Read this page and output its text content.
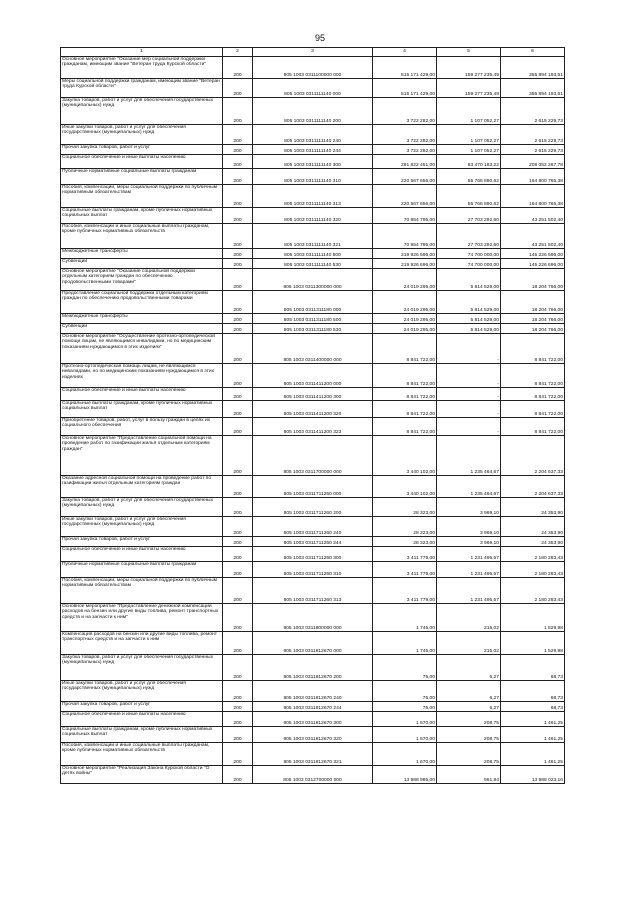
95
1	2	3	4	5	6
Основное мероприятие "Оказание мер социальной поддержки гражданам, имеющим звание "Ветеран труда Курской области"	200	805 1003 0311100000 000	515 171 429,00	159 277 235,49	355 894 193,51
Меры социальной поддержки гражданам, имеющим звание "Ветеран труда Курской области"	200	805 1003 0311111140 000	515 171 429,00	159 277 235,49	355 894 193,51
Закупка товаров, работ и услуг для обеспечения государственных (муниципальных) нужд	200	805 1003 0311111140 200	3 722 282,00	1 107 052,27	2 615 229,73
Иные закупки товаров, работ и услуг для обеспечения государственных (муниципальных) нужд	200	805 1003 0311111140 240	3 722 282,00	1 107 052,27	2 615 229,73
Прочая закупка товаров, работ и услуг	200	805 1003 0311111140 244	3 722 282,00	1 107 052,27	2 615 229,73
Социальное обеспечение и иные выплаты населению	200	805 1003 0311111140 300	291 822 451,00	83 470 183,22	208 052 267,78
Публичные нормативные социальные выплаты гражданам	200	805 1003 0311111140 310	220 567 656,00	55 766 890,62	164 800 765,38
Пособия, компенсации, меры социальной поддержки по публичным нормативным обязательствам	200	805 1003 0311111140 313	220 567 656,00	55 766 890,62	164 800 765,38
Социальные выплаты гражданам, кроме публичных нормативных социальных выплат	200	805 1003 0311111140 320	70 954 795,00	27 703 292,60	43 251 502,40
Пособия, компенсации и иные социальные выплаты гражданам, кроме публичных нормативных обязательств	200	805 1003 0311111140 321	70 954 795,00	27 703 292,60	43 251 502,40
Межбюджетные трансферты	200	805 1003 0311111140 500	219 926 696,00	74 700 000,00	145 226 696,00
Субвенции	200	805 1003 0311111140 530	219 926 696,00	74 700 000,00	145 226 696,00
Основное мероприятие "Оказание социальной поддержки отдельным категориям граждан по обеспечению продовольственными товарами"	200	805 1003 0311300000 000	24 019 295,00	5 814 529,00	18 204 766,00
Предоставление социальной поддержки отдельным категориям граждан по обеспечению продовольственными товарами	200	805 1003 0311311180 000	24 019 295,00	5 814 529,00	18 204 766,00
Межбюджетные трансферты	200	805 1003 0311311180 500	24 019 295,00	5 814 529,00	18 204 766,00
Субвенции	200	805 1003 0311311180 530	24 019 295,00	5 814 529,00	18 204 766,00
Основное мероприятие "Осуществление протезно-ортопедической помощи лицам, не являющимся инвалидами, но по медицинским показаниям нуждающимся в этих изделиях"	200	805 1003 0311400000 000	8 841 722,00	-	8 841 722,00
Протезно-ортопедическая помощь лицам, не являющимся инвалидами, но по медицинским показаниям нуждающимся в этих изделиях	200	805 1003 0311411200 000	8 841 722,00	-	8 841 722,00
Социальное обеспечение и иные выплаты населению	200	805 1003 0311411200 300	8 841 722,00	-	8 841 722,00
Социальные выплаты гражданам, кроме публичных нормативных социальных выплат	200	805 1003 0311411200 320	8 841 722,00	-	8 841 722,00
Приобретение товаров, работ, услуг в пользу граждан в целях их социального обеспечения	200	805 1003 0311411200 323	8 841 722,00	-	8 841 722,00
Основное мероприятие "Предоставление социальной помощи на проведение работ по газификации жилья отдельным категориям граждан"	200	805 1003 0311700000 000	3 440 102,00	1 235 464,67	2 204 637,33
Оказание адресной социальной помощи на проведение работ по газификации жилья отдельным категориям граждан	200	805 1003 0311711260 000	3 440 102,00	1 235 464,67	2 204 637,33
Закупка товаров, работ и услуг для обеспечения государственных (муниципальных) нужд	200	805 1003 0311711260 200	28 323,00	3 969,10	24 353,90
Иные закупки товаров, работ и услуг для обеспечения государственных (муниципальных) нужд	200	805 1003 0311711260 240	28 323,00	3 969,10	24 353,90
Прочая закупка товаров, работ и услуг	200	805 1003 0311711260 244	28 323,00	3 969,10	24 353,90
Социальное обеспечение и иные выплаты населению	200	805 1003 0311711260 300	3 411 779,00	1 231 495,57	2 180 283,43
Публичные нормативные социальные выплаты гражданам	200	805 1003 0311711260 310	3 411 779,00	1 231 495,57	2 180 283,43
Пособия, компенсации, меры социальной поддержки по публичным нормативным обязательствам	200	805 1003 0311711260 313	3 411 779,00	1 231 495,57	2 180 283,43
Основное мероприятие "Предоставление денежной компенсации расходов на бензин или другие виды топлива, ремонт транспортных средств и на запчасти к ним"	200	805 1003 0311800000 000	1 745,00	215,02	1 529,98
Компенсация расходов на бензин или другие виды топлива, ремонт транспортных средств и на запчасти к ним	200	805 1003 0311812670 000	1 745,00	215,02	1 529,98
Закупка товаров, работ и услуг для обеспечения государственных (муниципальных) нужд	200	805 1003 0311812670 200	75,00	6,27	68,73
Иные закупки товаров, работ и услуг для обеспечения государственных (муниципальных) нужд	200	805 1003 0311812670 240	75,00	6,27	68,73
Прочая закупка товаров, работ и услуг	200	805 1003 0311812670 244	75,00	6,27	68,73
Социальное обеспечение и иные выплаты населению	200	805 1003 0311812670 300	1 670,00	208,75	1 461,25
Социальные выплаты гражданам, кроме публичных нормативных социальных выплат	200	805 1003 0311812670 320	1 670,00	208,75	1 461,25
Пособия, компенсации и иные социальные выплаты гражданам, кроме публичных нормативных обязательств	200	805 1003 0311812670 321	1 670,00	208,75	1 461,25
Основное мероприятие "Реализация Закона Курской области "О детях войны"	200	805 1003 0312700000 000	13 988 985,00	961,84	13 988 023,16
